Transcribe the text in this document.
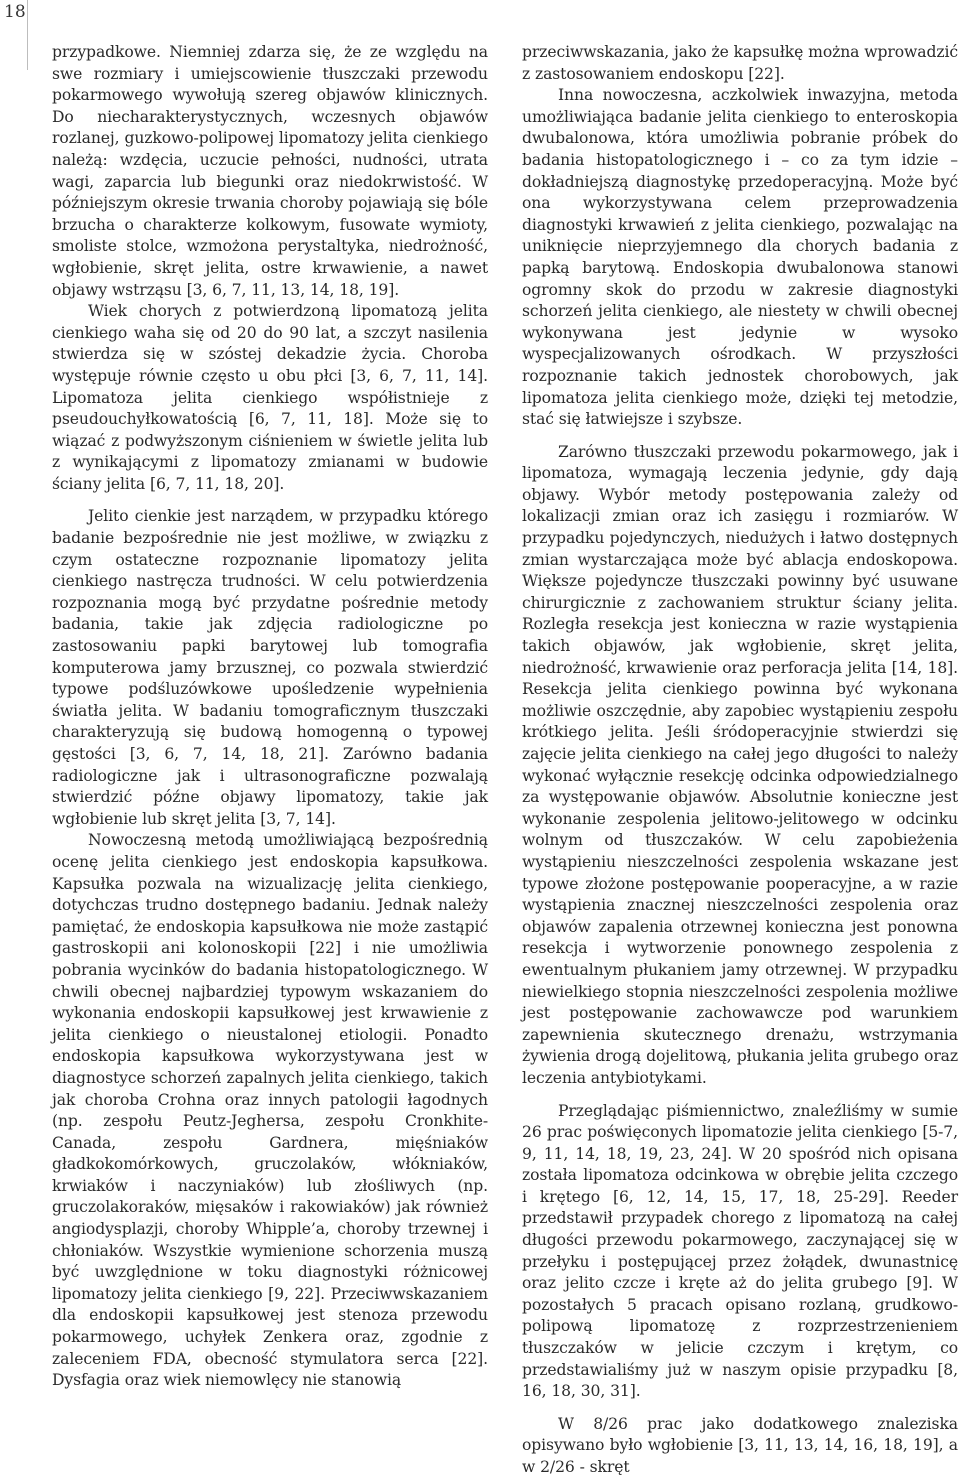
18

przypadkowe. Niemniej zdarza się, że ze względu na swe rozmiary i umiejscowienie tłuszczaki przewodu pokarmowego wywołują szereg objawów klinicznych. Do niecharakterystycznych, wczesnych objawów rozlanej, guzkowo-polipowej lipomatozy jelita cienkiego należą: wzdęcia, uczucie pełności, nudności, utrata wagi, zaparcia lub biegunki oraz niedokrwistość. W późniejszym okresie trwania choroby pojawiają się bóle brzucha o charakterze kolkowym, fusowate wymioty, smoliste stolce, wzmożona perystaltyka, niedrożność, wgłobienie, skręt jelita, ostre krwawienie, a nawet objawy wstrząsu [3, 6, 7, 11, 13, 14, 18, 19].

Wiek chorych z potwierdzoną lipomatozą jelita cienkiego waha się od 20 do 90 lat, a szczyt nasilenia stwierdza się w szóstej dekadzie życia. Choroba występuje równie często u obu płci [3, 6, 7, 11, 14]. Lipomatoza jelita cienkiego współistnieje z pseudouchyłkowatością [6, 7, 11, 18]. Może się to wiązać z podwyższonym ciśnieniem w świetle jelita lub z wynikającymi z lipomatozy zmianami w budowie ściany jelita [6, 7, 11, 18, 20].

Jelito cienkie jest narządem, w przypadku którego badanie bezpośrednie nie jest możliwe, w związku z czym ostateczne rozpoznanie lipomatozy jelita cienkiego nastręcza trudności. W celu potwierdzenia rozpoznania mogą być przydatne pośrednie metody badania, takie jak zdjęcia radiologiczne po zastosowaniu papki barytowej lub tomografia komputerowa jamy brzusznej, co pozwala stwierdzić typowe podśluzówkowe upośledzenie wypełnienia światła jelita. W badaniu tomograficznym tłuszczaki charakteryzują się budową homogenną o typowej gęstości [3, 6, 7, 14, 18, 21]. Zarówno badania radiologiczne jak i ultrasonograficzne pozwalają stwierdzić późne objawy lipomatozy, takie jak wgłobienie lub skręt jelita [3, 7, 14].

Nowoczesną metodą umożliwiającą bezpośrednią ocenę jelita cienkiego jest endoskopia kapsułkowa. Kapsułka pozwala na wizualizację jelita cienkiego, dotychczas trudno dostępnego badaniu. Jednak należy pamiętać, że endoskopia kapsułkowa nie może zastąpić gastroskopii ani kolonoskopii [22] i nie umożliwia pobrania wycinków do badania histopatologicznego. W chwili obecnej najbardziej typowym wskazaniem do wykonania endoskopii kapsułkowej jest krwawienie z jelita cienkiego o nieustalonej etiologii. Ponadto endoskopia kapsułkowa wykorzystywana jest w diagnostyce schorzeń zapalnych jelita cienkiego, takich jak choroba Crohna oraz innych patologii łagodnych (np. zespołu Peutz-Jeghersa, zespołu Cronkhite-Canada, zespołu Gardnera, mięśniaków gładkokomórkowych, gruczolaków, włókniaków, krwiaków i naczyniaków) lub złośliwych (np. gruczolakoraków, mięsaków i rakowiaków) jak również angiodysplazji, choroby Whipple’a, choroby trzewnej i chłoniaków. Wszystkie wymienione schorzenia muszą być uwzględnione w toku diagnostyki różnicowej lipomatozy jelita cienkiego [9, 22]. Przeciwwskazaniem dla endoskopii kapsułkowej jest stenoza przewodu pokarmowego, uchyłek Zenkera oraz, zgodnie z zaleceniem FDA, obecność stymulatora serca [22]. Dysfagia oraz wiek niemowlęcy nie stanowią

przeciwwskazania, jako że kapsułkę można wprowadzić z zastosowaniem endoskopu [22].

Inna nowoczesna, aczkolwiek inwazyjna, metoda umożliwiająca badanie jelita cienkiego to enteroskopia dwubalonowa, która umożliwia pobranie próbek do badania histopatologicznego i – co za tym idzie – dokładniejszą diagnostykę przedoperacyjną. Może być ona wykorzystywana celem przeprowadzenia diagnostyki krwawień z jelita cienkiego, pozwalając na uniknięcie nieprzyjemnego dla chorych badania z papką barytową. Endoskopia dwubalonowa stanowi ogromny skok do przodu w zakresie diagnostyki schorzeń jelita cienkiego, ale niestety w chwili obecnej wykonywana jest jedynie w wysoko wyspecjalizowanych ośrodkach. W przyszłości rozpoznanie takich jednostek chorobowych, jak lipomatoza jelita cienkiego może, dzięki tej metodzie, stać się łatwiejsze i szybsze.

Zarówno tłuszczaki przewodu pokarmowego, jak i lipomatoza, wymagają leczenia jedynie, gdy dają objawy. Wybór metody postępowania zależy od lokalizacji zmian oraz ich zasięgu i rozmiarów. W przypadku pojedynczych, niedużych i łatwo dostępnych zmian wystarczająca może być ablacja endoskopowa. Większe pojedyncze tłuszczaki powinny być usuwane chirurgicznie z zachowaniem struktur ściany jelita. Rozległa resekcja jest konieczna w razie wystąpienia takich objawów, jak wgłobienie, skręt jelita, niedrożność, krwawienie oraz perforacja jelita [14, 18]. Resekcja jelita cienkiego powinna być wykonana możliwie oszczędnie, aby zapobiec wystąpieniu zespołu krótkiego jelita. Jeśli śródoperacyjnie stwierdzi się zajęcie jelita cienkiego na całej jego długości to należy wykonać wyłącznie resekcję odcinka odpowiedzialnego za występowanie objawów. Absolutnie konieczne jest wykonanie zespolenia jelitowo-jelitowego w odcinku wolnym od tłuszczaków. W celu zapobieżenia wystąpieniu nieszczelności zespolenia wskazane jest typowe złożone postępowanie pooperacyjne, a w razie wystąpienia znacznej nieszczelności zespolenia oraz objawów zapalenia otrzewnej konieczna jest ponowna resekcja i wytworzenie ponownego zespolenia z ewentualnym płukaniem jamy otrzewnej. W przypadku niewielkiego stopnia nieszczelności zespolenia możliwe jest postępowanie zachowawcze pod warunkiem zapewnienia skutecznego drenażu, wstrzymania żywienia drogą dojelitową, płukania jelita grubego oraz leczenia antybiotykami.

Przeglądając piśmiennictwo, znaleźliśmy w sumie 26 prac poświęconych lipomatozie jelita cienkiego [5-7, 9, 11, 14, 18, 19, 23, 24]. W 20 spośród nich opisana została lipomatoza odcinkowa w obrębie jelita czczego i krętego [6, 12, 14, 15, 17, 18, 25-29]. Reeder przedstawił przypadek chorego z lipomatozą na całej długości przewodu pokarmowego, zaczynającej się w przełyku i postępującej przez żołądek, dwunastnicę oraz jelito czcze i kręte aż do jelita grubego [9]. W pozostałych 5 pracach opisano rozlaną, grudkowo-polipową lipomatozę z rozprzestrzenieniem tłuszczaków w jelicie czczym i krętym, co przedstawialiśmy już w naszym opisie przypadku [8, 16, 18, 30, 31].

W 8/26 prac jako dodatkowego znaleziska opisywano było wgłobienie [3, 11, 13, 14, 16, 18, 19], a w 2/26 - skręt
